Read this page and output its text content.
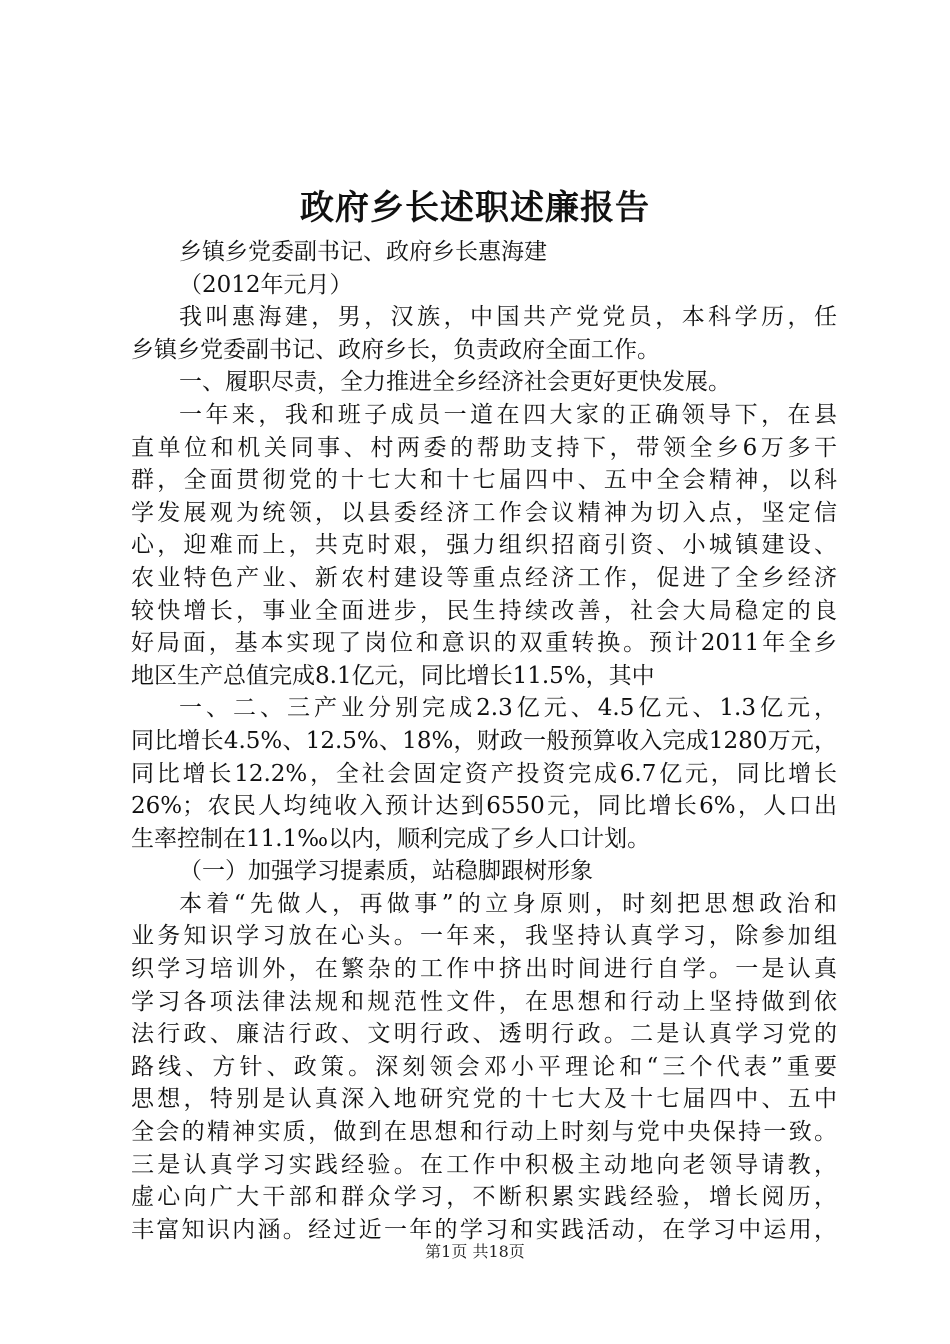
政府乡长述职述廉报告
乡镇乡党委副书记、政府乡长惠海建
（2012年元月）
我叫惠海建，男，汉族，中国共产党党员，本科学历，任
乡镇乡党委副书记、政府乡长，负责政府全面工作。
一、履职尽责，全力推进全乡经济社会更好更快发展。
一年来，我和班子成员一道在四大家的正确领导下，在县
直单位和机关同事、村两委的帮助支持下，带领全乡6万多干
群，全面贯彻党的十七大和十七届四中、五中全会精神，以科
学发展观为统领，以县委经济工作会议精神为切入点，坚定信
心，迎难而上，共克时艰，强力组织招商引资、小城镇建设、
农业特色产业、新农村建设等重点经济工作，促进了全乡经济
较快增长，事业全面进步，民生持续改善，社会大局稳定的良
好局面，基本实现了岗位和意识的双重转换。预计2011年全乡
地区生产总值完成8.1亿元，同比增长11.5%，其中
一、二、三产业分别完成2.3亿元、4.5亿元、1.3亿元，
同比增长4.5%、12.5%、18%，财政一般预算收入完成1280万元，
同比增长12.2%，全社会固定资产投资完成6.7亿元，同比增长
26%；农民人均纯收入预计达到6550元，同比增长6%，人口出
生率控制在11.1‰以内，顺利完成了乡人口计划。
（一）加强学习提素质，站稳脚跟树形象
本着“先做人，再做事”的立身原则，时刻把思想政治和
业务知识学习放在心头。一年来，我坚持认真学习，除参加组
织学习培训外，在繁杂的工作中挤出时间进行自学。一是认真
学习各项法律法规和规范性文件，在思想和行动上坚持做到依
法行政、廉洁行政、文明行政、透明行政。二是认真学习党的
路线、方针、政策。深刻领会邓小平理论和“三个代表”重要
思想，特别是认真深入地研究党的十七大及十七届四中、五中
全会的精神实质，做到在思想和行动上时刻与党中央保持一致。
三是认真学习实践经验。在工作中积极主动地向老领导请教，
虚心向广大干部和群众学习，不断积累实践经验，增长阅历，
丰富知识内涵。经过近一年的学习和实践活动，在学习中运用，
第1页 共18页
